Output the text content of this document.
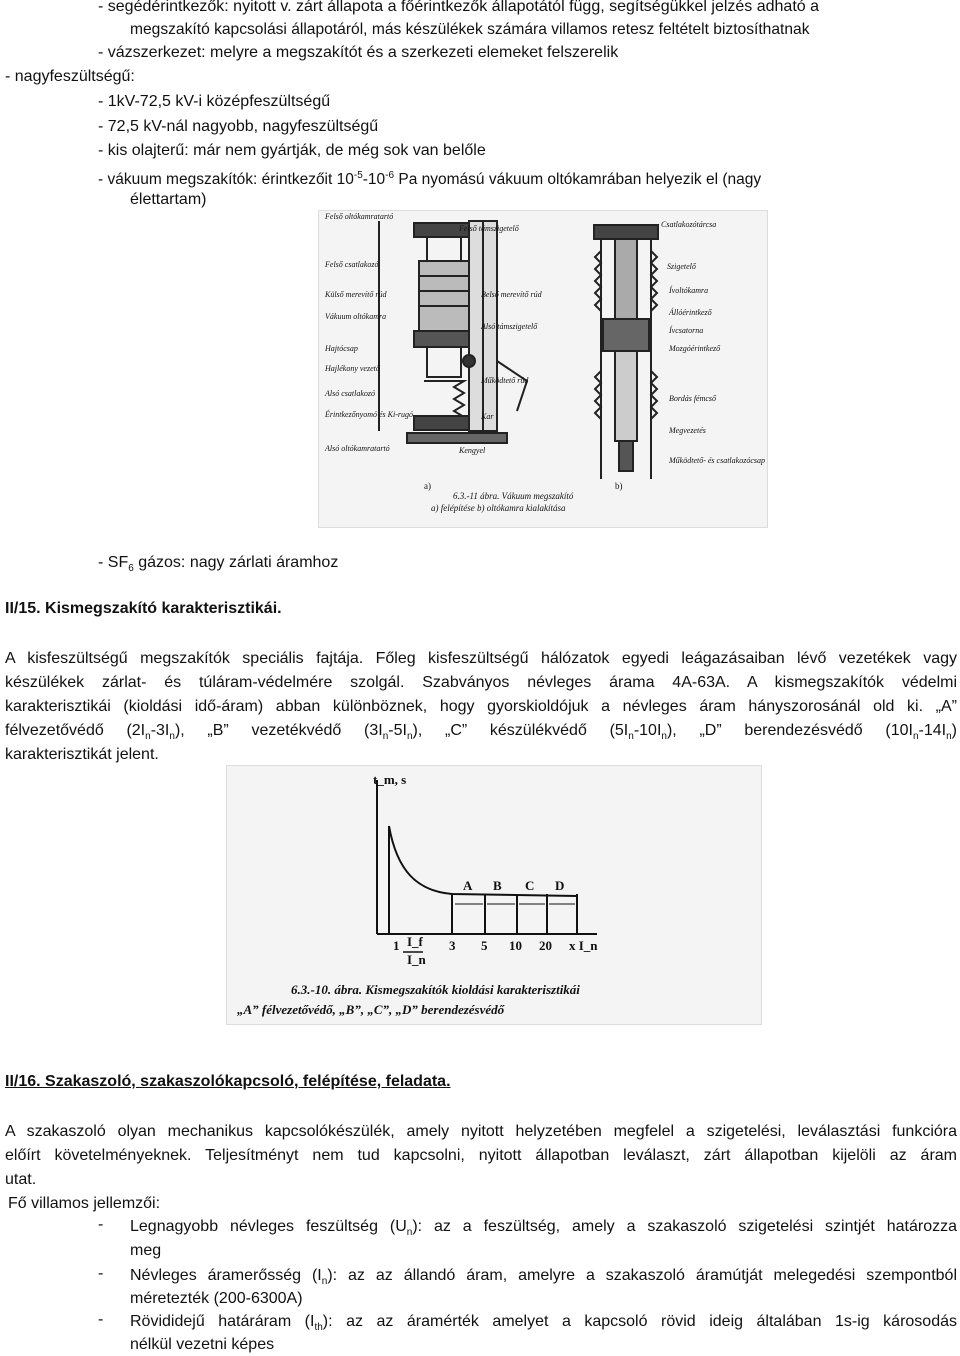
- segédérintkezők: nyitott v. zárt állapota a főérintkezők állapotától függ, segítségükkel jelzés adható a
megszakító kapcsolási állapotáról, más készülékek számára villamos retesz feltételt biztosíthatnak
- vázszerkezet: melyre a megszakítót és a szerkezeti elemeket felszerelik
- nagyfeszültségű:
- 1kV-72,5 kV-i középfeszültségű
- 72,5 kV-nál nagyobb, nagyfeszültségű
- kis olajterű: már nem gyártják, de még sok van belőle
- vákuum megszakítók: érintkezőit $10^{-5}-10^{-6}$ Pa nyomású vákuum oltókamrában helyezik el (nagy
élettartam)
Felső oltókamratartó
Felső csatlakozó
Külső merevítő rúd
Vákuum oltókamra
Hajtócsap
Hajlékony vezető
Alsó csatlakozó
Érintkezőnyomó és Ki-rugó
Alsó oltókamratartó
Felső támszigetelő
Belső merevítő rúd
Alsó támszigetelő
Működtető rúd
Kar
Kengyel
Csatlakozótárcsa
Szigetelő
Ívoltókamra
Állóérintkező
Ívcsatorna
Mozgóérintkező
Bordás fémcső
Megvezetés
Működtető- és csatlakozócsap
a)	b)
6.3.-11 ábra. Vákuum megszakító
a) felépítése b) oltókamra kialakítása
- $SF_6$ gázos: nagy zárlati áramhoz
II/15. Kismegszakító karakterisztikái.
A kisfeszültségű megszakítók speciális fajtája. Főleg kisfeszültségű hálózatok egyedi leágazásaiban lévő vezetékek vagy
készülékek zárlat- és túláram-védelmére szolgál. Szabványos névleges árama 4A-63A. A kismegszakítók védelmi
karakterisztikái (kioldási idő-áram) abban különböznek, hogy gyorskioldójuk a névleges áram hányszorosánál old ki. „A”
félvezetővédő $(2I_n-3I_n)$, „B” vezetékvédő $(3I_n-5I_n)$, „C” készülékvédő $(5I_n-10I_n)$, „D” berendezésvédő $(10I_n-14I_n)$
karakterisztikát jelent.
t_m, s
A B C D
1	3 5 10 20 x I_n
I_f
I_n
6.3.-10. ábra. Kismegszakítók kioldási karakterisztikái
„A” félvezetővédő, „B”, „C”, „D” berendezésvédő
II/16. Szakaszoló, szakaszolókapcsoló, felépítése, feladata.
A szakaszoló olyan mechanikus kapcsolókészülék, amely nyitott helyzetében megfelel a szigetelési, leválasztási funkcióra
előírt követelményeknek. Teljesítményt nem tud kapcsolni, nyitott állapotban leválaszt, zárt állapotban kijelöli az áram
utat.
Fő villamos jellemzői:
- Legnagyobb névleges feszültség $(U_n)$: az a feszültség, amely a szakaszoló szigetelési szintjét határozza
meg
- Névleges áramerősség $(I_n)$: az az állandó áram, amelyre a szakaszoló áramútját melegedési szempontból
méretezték (200-6300A)
- Rövididejű határáram $(I_{th})$: az az áramérték amelyet a kapcsoló rövid ideig általában 1s-ig károsodás
nélkül vezetni képes
